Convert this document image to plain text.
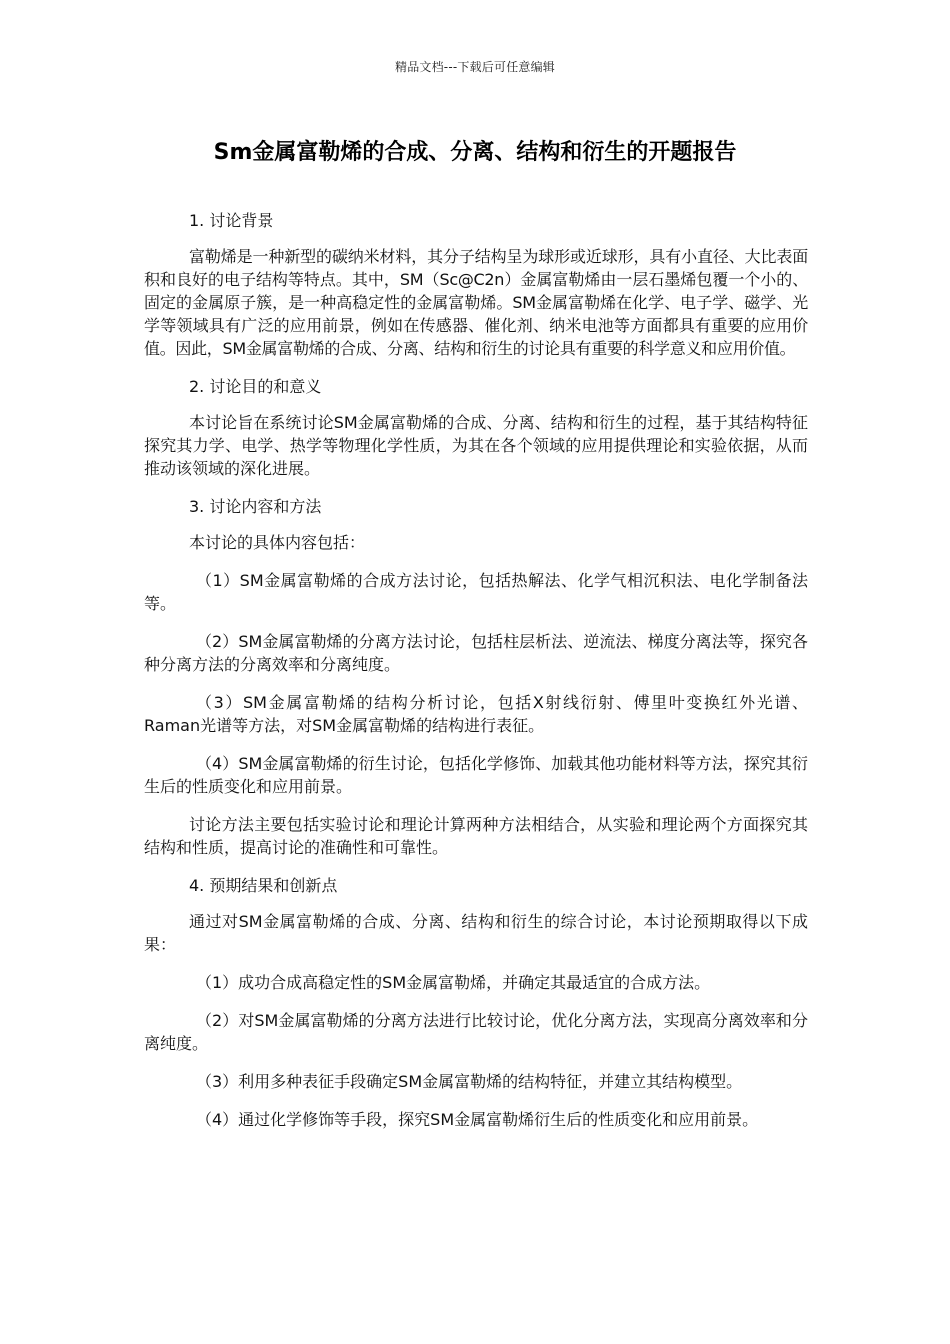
精品文档---下载后可任意编辑
Sm金属富勒烯的合成、分离、结构和衍生的开题报告

1. 讨论背景

富勒烯是一种新型的碳纳米材料，其分子结构呈为球形或近球形，具有小直径、大比表面积和良好的电子结构等特点。其中，SM（Sc@C2n）金属富勒烯由一层石墨烯包覆一个小的、固定的金属原子簇，是一种高稳定性的金属富勒烯。SM金属富勒烯在化学、电子学、磁学、光学等领域具有广泛的应用前景，例如在传感器、催化剂、纳米电池等方面都具有重要的应用价值。因此，SM金属富勒烯的合成、分离、结构和衍生的讨论具有重要的科学意义和应用价值。

2. 讨论目的和意义

本讨论旨在系统讨论SM金属富勒烯的合成、分离、结构和衍生的过程，基于其结构特征探究其力学、电学、热学等物理化学性质，为其在各个领域的应用提供理论和实验依据，从而推动该领域的深化进展。

3. 讨论内容和方法

本讨论的具体内容包括：

（1）SM金属富勒烯的合成方法讨论，包括热解法、化学气相沉积法、电化学制备法等。

（2）SM金属富勒烯的分离方法讨论，包括柱层析法、逆流法、梯度分离法等，探究各种分离方法的分离效率和分离纯度。

（3）SM金属富勒烯的结构分析讨论，包括X射线衍射、傅里叶变换红外光谱、Raman光谱等方法，对SM金属富勒烯的结构进行表征。

（4）SM金属富勒烯的衍生讨论，包括化学修饰、加载其他功能材料等方法，探究其衍生后的性质变化和应用前景。

讨论方法主要包括实验讨论和理论计算两种方法相结合，从实验和理论两个方面探究其结构和性质，提高讨论的准确性和可靠性。

4. 预期结果和创新点

通过对SM金属富勒烯的合成、分离、结构和衍生的综合讨论，本讨论预期取得以下成果：

（1）成功合成高稳定性的SM金属富勒烯，并确定其最适宜的合成方法。

（2）对SM金属富勒烯的分离方法进行比较讨论，优化分离方法，实现高分离效率和分离纯度。

（3）利用多种表征手段确定SM金属富勒烯的结构特征，并建立其结构模型。

（4）通过化学修饰等手段，探究SM金属富勒烯衍生后的性质变化和应用前景。
